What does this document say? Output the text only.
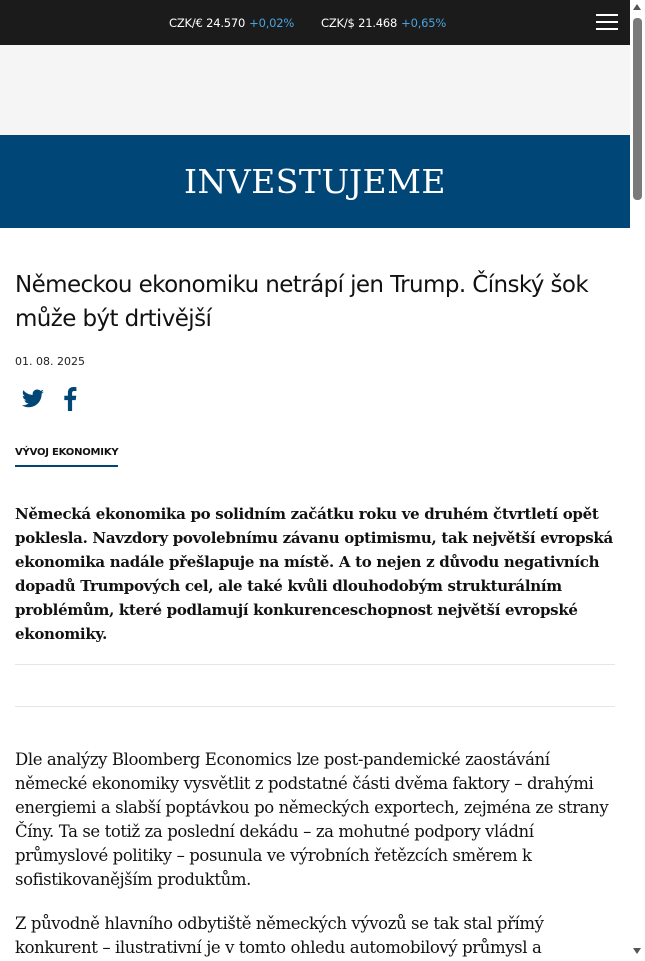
CZK/€ 24.570 +0,02% CZK/$ 21.468 +0,65%
INVESTUJEME
Německou ekonomiku netrápí jen Trump. Čínský šok může být drtivější
01. 08. 2025
VÝVOJ EKONOMIKY

Německá ekonomika po solidním začátku roku ve druhém čtvrtletí opět poklesla. Navzdory povolebnímu závanu optimismu, tak největší evropská ekonomika nadále přešlapuje na místě. A to nejen z důvodu negativních dopadů Trumpových cel, ale také kvůli dlouhodobým strukturálním problémům, které podlamují konkurenceschopnost největší evropské ekonomiky.

Dle analýzy Bloomberg Economics lze post-pandemické zaostávání německé ekonomiky vysvětlit z podstatné části dvěma faktory – drahými energiemi a slabší poptávkou po německých exportech, zejména ze strany Číny. Ta se totiž za poslední dekádu – za mohutné podpory vládní průmyslové politiky – posunula ve výrobních řetězcích směrem k sofistikovanějším produktům.

Z původně hlavního odbytiště německých vývozů se tak stal přímý konkurent – ilustrativní je v tomto ohledu automobilový průmysl a
